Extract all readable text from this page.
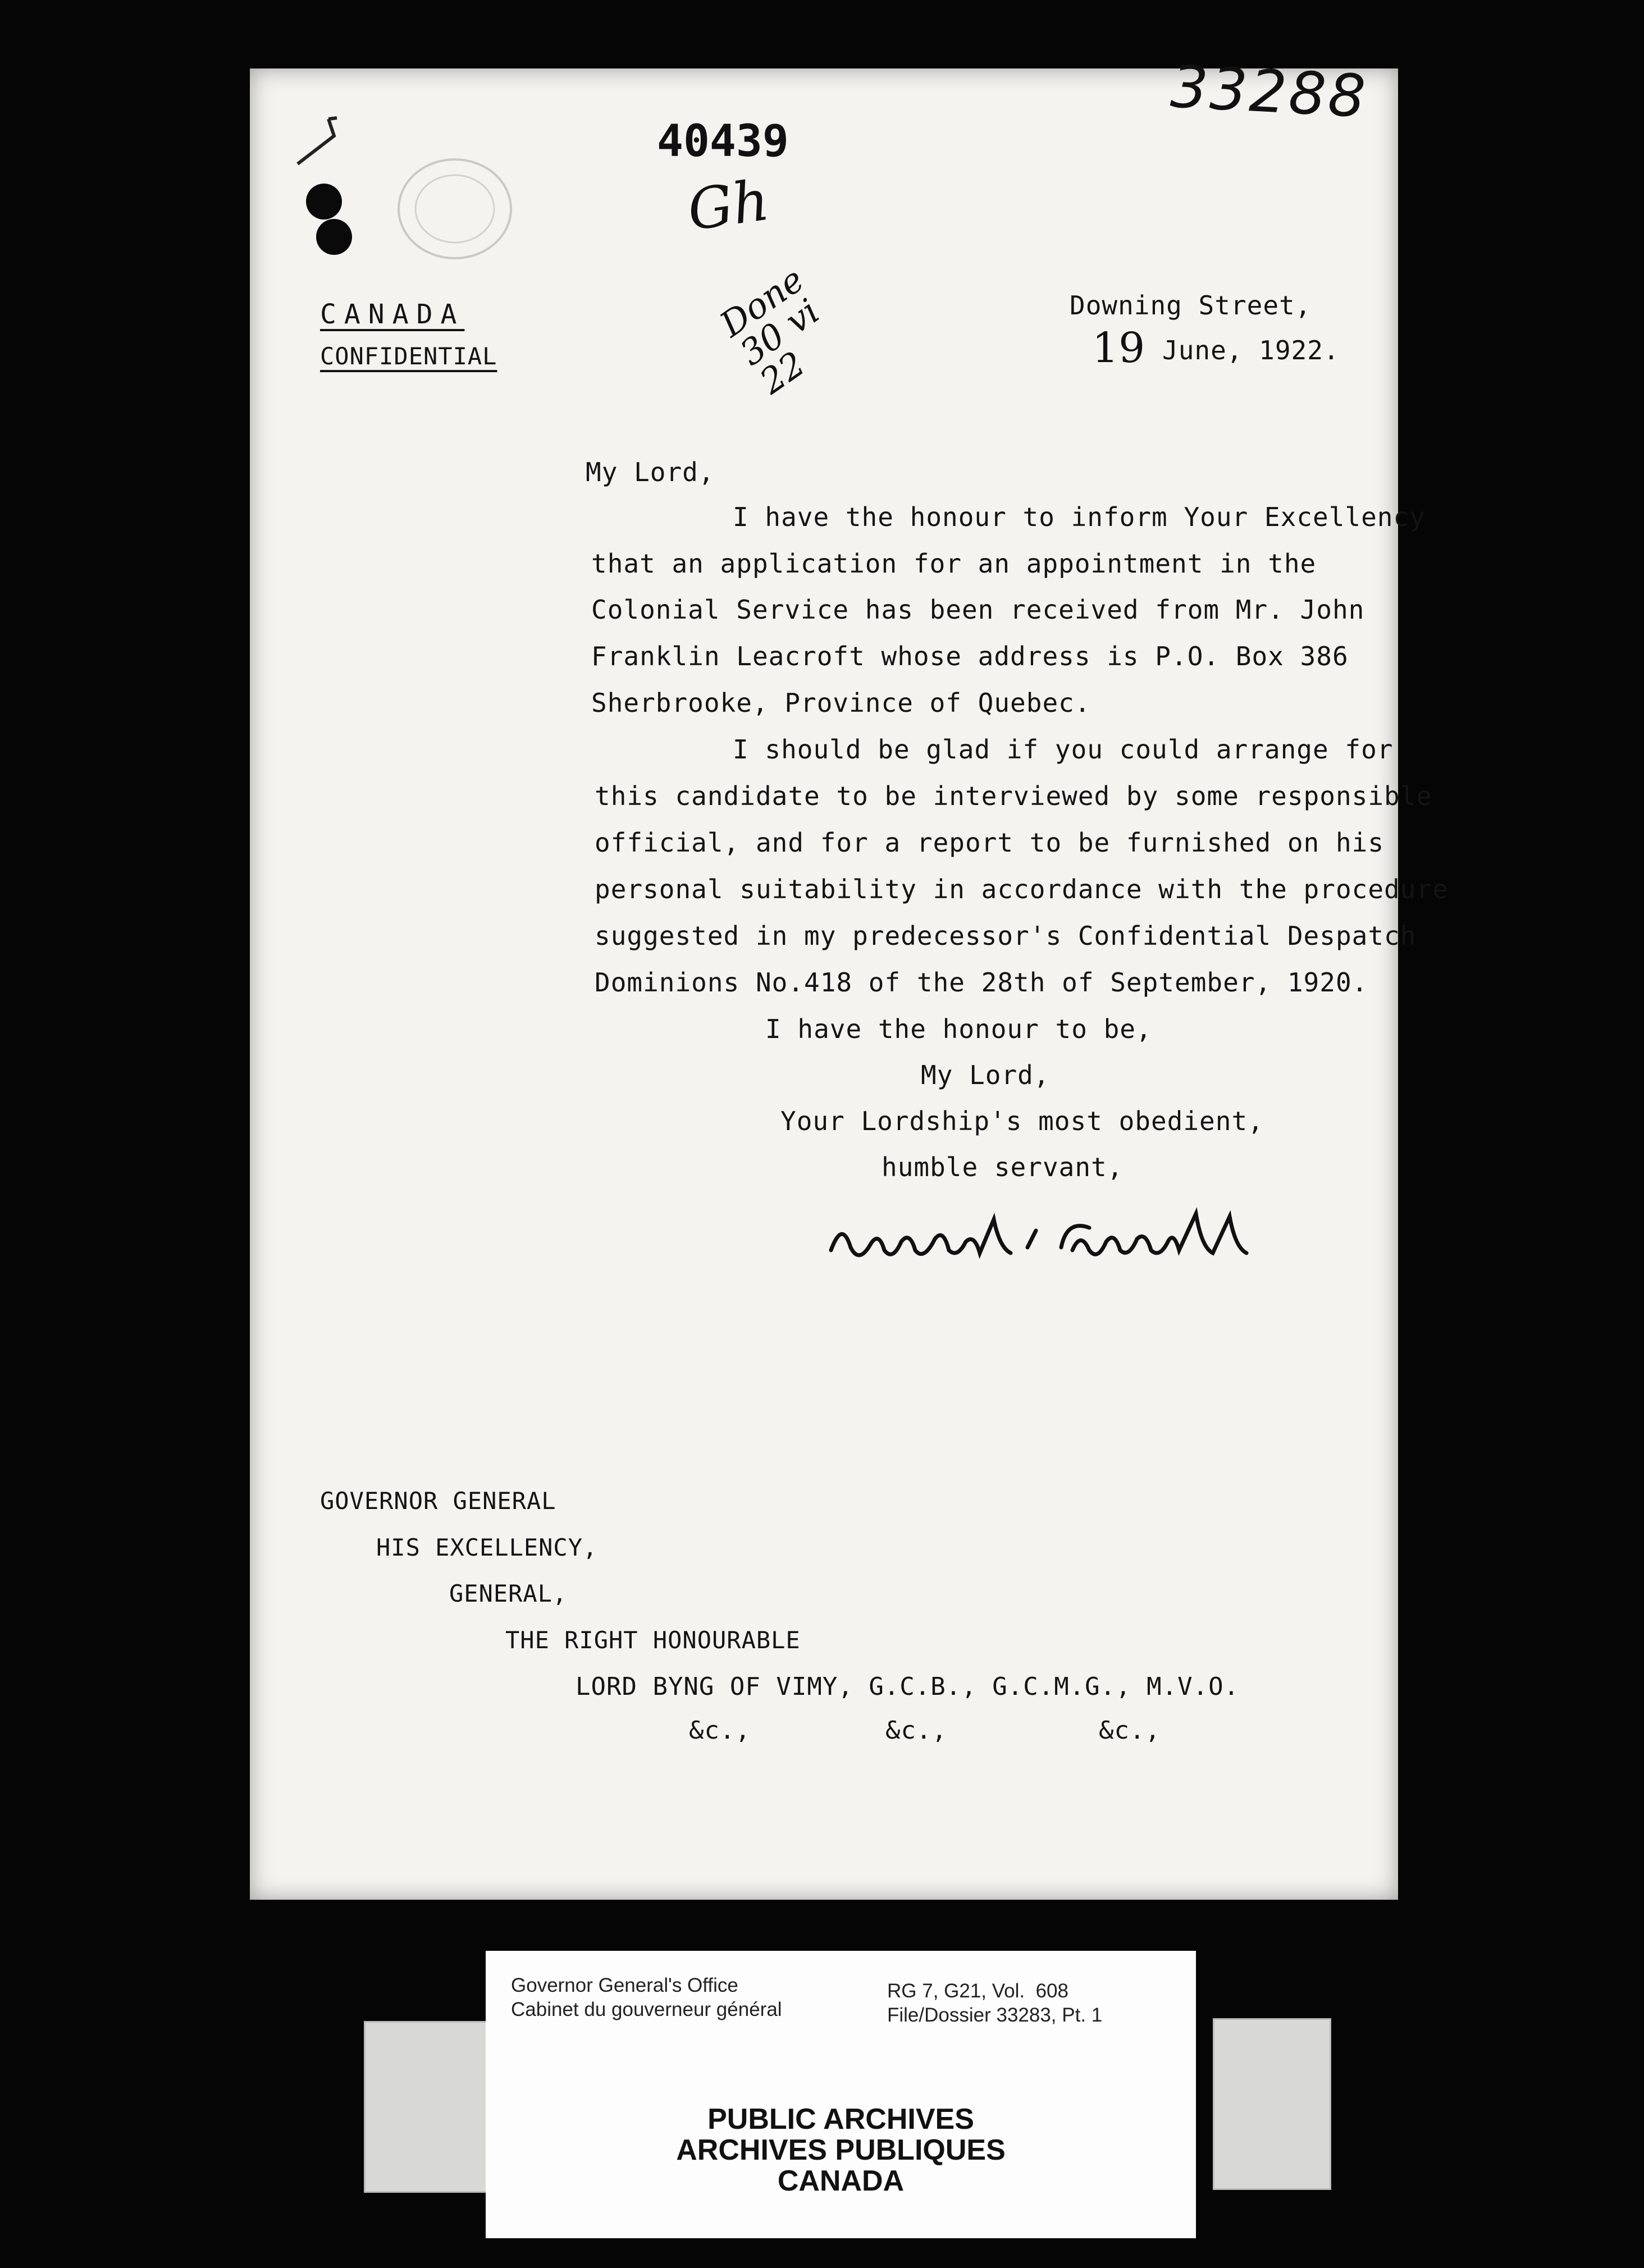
33288
40439
Gh
Done 30 vi 22
CANADA
CONFIDENTIAL
Downing Street,
19 June, 1922.
My Lord,
I have the honour to inform Your Excellency
that an application for an appointment in the
Colonial Service has been received from Mr. John
Franklin Leacroft whose address is P.O. Box 386
Sherbrooke, Province of Quebec.
I should be glad if you could arrange for
this candidate to be interviewed by some responsible
official, and for a report to be furnished on his
personal suitability in accordance with the procedure
suggested in my predecessor's Confidential Despatch
Dominions No.418 of the 28th of September, 1920.
I have the honour to be,
My Lord,
Your Lordship's most obedient,
humble servant,
GOVERNOR GENERAL
HIS EXCELLENCY,
GENERAL,
THE RIGHT HONOURABLE
LORD BYNG OF VIMY, G.C.B., G.C.M.G., M.V.O.
&c.,	&c.,	&c.,
Governor General's Office
Cabinet du gouverneur général
RG 7, G21, Vol.  608
File/Dossier 33283, Pt. 1
PUBLIC ARCHIVES
ARCHIVES PUBLIQUES
CANADA
